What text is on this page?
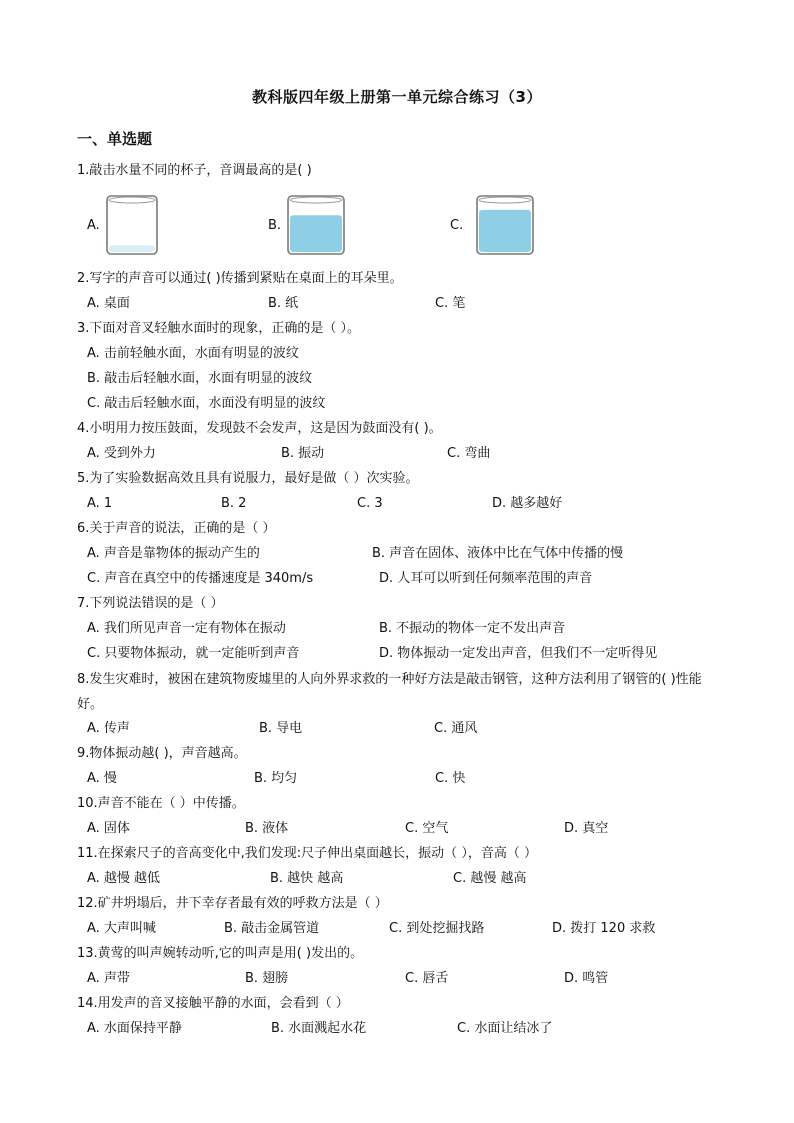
教科版四年级上册第一单元综合练习（3）
一、单选题
1.敲击水量不同的杯子，音调最高的是( )
A.	B.	C.
2.写字的声音可以通过( )传播到紧贴在桌面上的耳朵里。
A. 桌面	B. 纸	C. 笔
3.下面对音叉轻触水面时的现象，正确的是（ ）。
A. 击前轻触水面，水面有明显的波纹
B. 敲击后轻触水面，水面有明显的波纹
C. 敲击后轻触水面，水面没有明显的波纹
4.小明用力按压鼓面，发现鼓不会发声，这是因为鼓面没有( )。
A. 受到外力	B. 振动	C. 弯曲
5.为了实验数据高效且具有说服力，最好是做（ ）次实验。
A. 1	B. 2	C. 3	D. 越多越好
6.关于声音的说法，正确的是（ ）
A. 声音是靠物体的振动产生的	B. 声音在固体、液体中比在气体中传播的慢
C. 声音在真空中的传播速度是 340m/s	D. 人耳可以听到任何频率范围的声音
7.下列说法错误的是（ ）
A. 我们所见声音一定有物体在振动	B. 不振动的物体一定不发出声音
C. 只要物体振动，就一定能听到声音	D. 物体振动一定发出声音，但我们不一定听得见
8.发生灾难时，被困在建筑物废墟里的人向外界求救的一种好方法是敲击钢管，这种方法利用了钢管的( )性能好。
A. 传声	B. 导电	C. 通风
9.物体振动越( )，声音越高。
A. 慢	B. 均匀	C. 快
10.声音不能在（ ）中传播。
A. 固体	B. 液体	C. 空气	D. 真空
11.在探索尺子的音高变化中,我们发现:尺子伸出桌面越长，振动（ ），音高（ ）
A. 越慢 越低	B. 越快 越高	C. 越慢 越高
12.矿井坍塌后，井下幸存者最有效的呼救方法是（ ）
A. 大声叫喊	B. 敲击金属管道	C. 到处挖掘找路	D. 拨打 120 求救
13.黄莺的叫声婉转动听,它的叫声是用( )发出的。
A. 声带	B. 翅膀	C. 唇舌	D. 鸣管
14.用发声的音叉接触平静的水面，会看到（ ）
A. 水面保持平静	B. 水面溅起水花	C. 水面让结冰了
